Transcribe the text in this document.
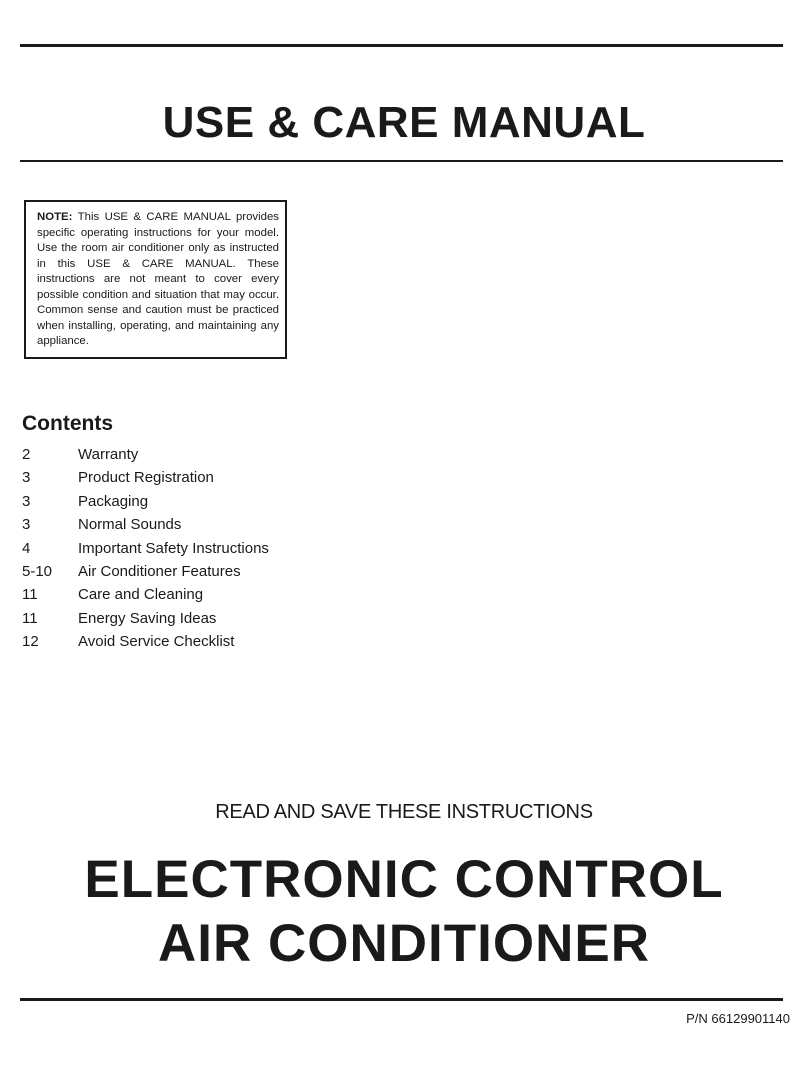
USE & CARE MANUAL
NOTE: This USE & CARE MANUAL provides specific operating instructions for your model. Use the room air conditioner only as instructed in this USE & CARE MANUAL. These instructions are not meant to cover every possible condition and situation that may occur. Common sense and caution must be practiced when installing, operating, and maintaining any appliance.
Contents
2	Warranty
3	Product Registration
3	Packaging
3	Normal Sounds
4	Important Safety Instructions
5-10 Air Conditioner Features
11	Care and Cleaning
11	Energy Saving Ideas
12	Avoid Service Checklist
READ AND SAVE THESE INSTRUCTIONS
ELECTRONIC CONTROL
AIR CONDITIONER
P/N 66129901140
